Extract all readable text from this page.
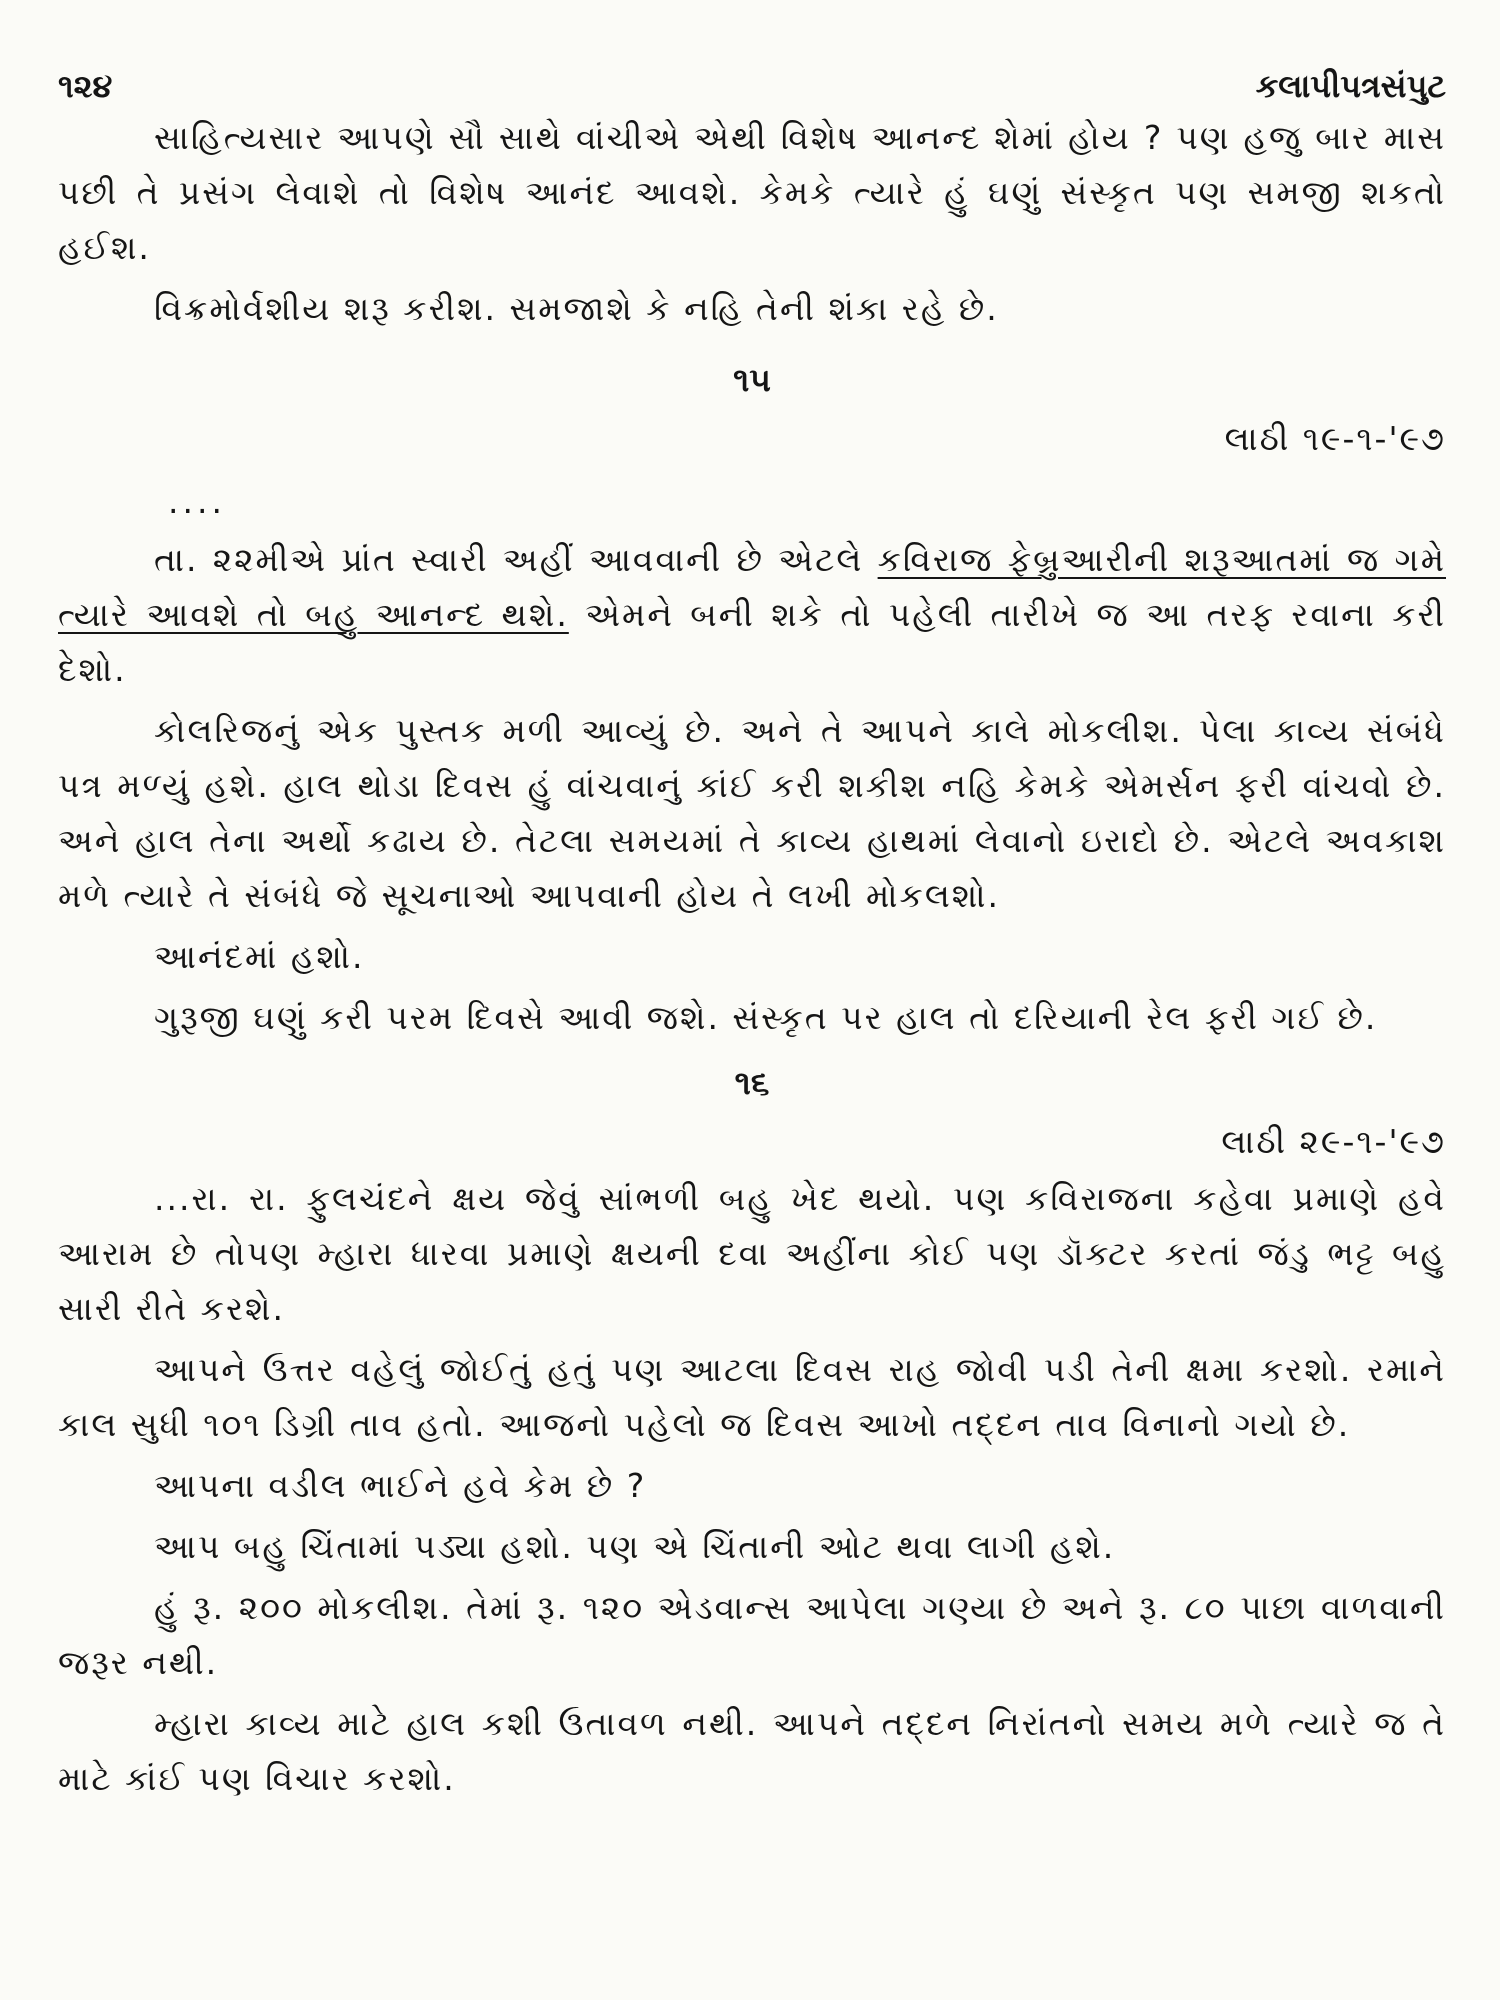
૧૨૪	કલાપીપત્રસંપુટ

સાહિત્યસાર આપણે સૌ સાથે વાંચીએ એથી વિશેષ આનન્દ શેમાં હોય ? પણ હજુ બાર માસ પછી તે પ્રસંગ લેવાશે તો વિશેષ આનંદ આવશે. કેમકે ત્યારે હું ઘણું સંસ્કૃત પણ સમજી શકતો હઈશ.

વિક્રમોર્વશીય શરૂ કરીશ. સમજાશે કે નહિ તેની શંકા રહે છે.

૧૫
લાઠી ૧૯-૧-'૯૭
....

તા. ૨૨મીએ પ્રાંત સ્વારી અહીં આવવાની છે એટલે કવિરાજ ફેબ્રુઆરીની શરૂઆતમાં જ ગમે ત્યારે આવશે તો બહુ આનન્દ થશે. એમને બની શકે તો પહેલી તારીખે જ આ તરફ રવાના કરી દેશો.

કોલરિજનું એક પુસ્તક મળી આવ્યું છે. અને તે આપને કાલે મોકલીશ. પેલા કાવ્ય સંબંધે પત્ર મળ્યું હશે. હાલ થોડા દિવસ હું વાંચવાનું કાંઈ કરી શકીશ નહિ કેમકે એમર્સન ફરી વાંચવો છે. અને હાલ તેના અર્થો કઢાય છે. તેટલા સમયમાં તે કાવ્ય હાથમાં લેવાનો ઇરાદો છે. એટલે અવકાશ મળે ત્યારે તે સંબંધે જે સૂચનાઓ આપવાની હોય તે લખી મોકલશો.

આનંદમાં હશો.

ગુરૂજી ઘણું કરી પરમ દિવસે આવી જશે. સંસ્કૃત પર હાલ તો દરિયાની રેલ ફરી ગઈ છે.

૧૬
લાઠી ૨૯-૧-'૯૭

...રા. રા. ફુલચંદને ક્ષય જેવું સાંભળી બહુ ખેદ થયો. પણ કવિરાજના કહેવા પ્રમાણે હવે આરામ છે તોપણ મ્હારા ધારવા પ્રમાણે ક્ષયની દવા અહીંના કોઈ પણ ડૉક્ટર કરતાં જંડુ ભટ્ટ બહુ સારી રીતે કરશે.

આપને ઉત્તર વહેલું જોઈતું હતું પણ આટલા દિવસ રાહ જોવી પડી તેની ક્ષમા કરશો. રમાને કાલ સુધી ૧૦૧ ડિગ્રી તાવ હતો. આજનો પહેલો જ દિવસ આખો તદ્દન તાવ વિનાનો ગયો છે.

આપના વડીલ ભાઈને હવે કેમ છે ?

આપ બહુ ચિંતામાં પડ્યા હશો. પણ એ ચિંતાની ઓટ થવા લાગી હશે.

હું રૂ. ૨૦૦ મોકલીશ. તેમાં રૂ. ૧૨૦ એડવાન્સ આપેલા ગણ્યા છે અને રૂ. ૮૦ પાછા વાળવાની જરૂર નથી.

મ્હારા કાવ્ય માટે હાલ કશી ઉતાવળ નથી. આપને તદ્દન નિરાંતનો સમય મળે ત્યારે જ તે માટે કાંઈ પણ વિચાર કરશો.
